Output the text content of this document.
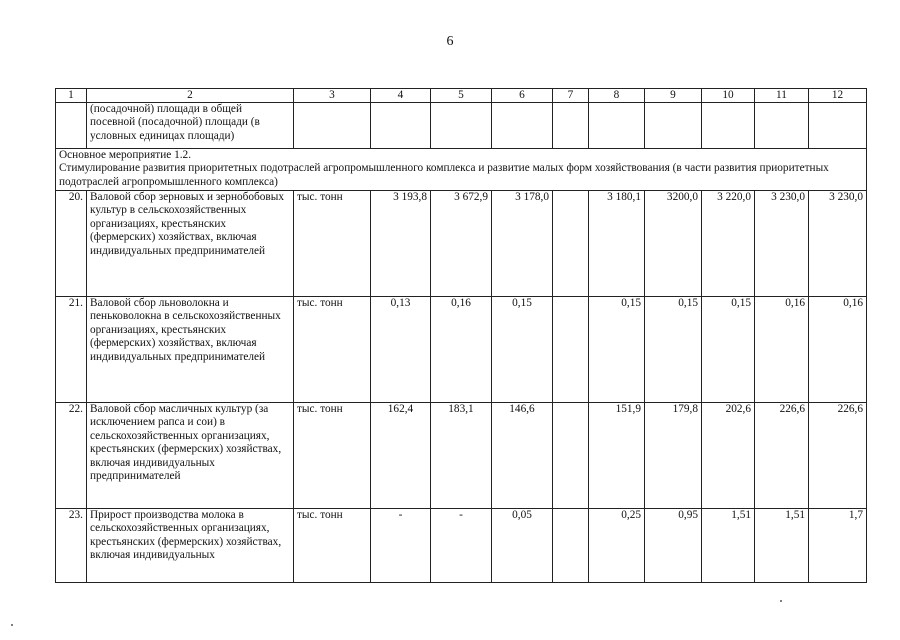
6
1	2	3	4	5	6	7	8	9	10	11	12
	(посадочной) площади в общей посевной (посадочной) площади (в условных единицах площади)										

Основное мероприятие 1.2.
Стимулирование развития приоритетных подотраслей агропромышленного комплекса и развитие малых форм хозяйствования (в части развития приоритетных подотраслей агропромышленного комплекса)											

20.	Валовой сбор зерновых и зернобобовых культур в сельскохозяйственных организациях, крестьянских (фермерских) хозяйствах, включая индивидуальных предпринимателей	тыс. тонн	3 193,8	3 672,9	3 178,0		3 180,1	3200,0	3 220,0	3 230,0	3 230,0
21.	Валовой сбор льноволокна и пеньковолокна в сельскохозяйственных организациях, крестьянских (фермерских) хозяйствах, включая индивидуальных предпринимателей	тыс. тонн	0,13	0,16	0,15		0,15	0,15	0,15	0,16	0,16
22.	Валовой сбор масличных культур (за исключением рапса и сои) в сельскохозяйственных организациях, крестьянских (фермерских) хозяйствах, включая индивидуальных предпринимателей	тыс. тонн	162,4	183,1	146,6		151,9	179,8	202,6	226,6	226,6
23.	Прирост производства молока в сельскохозяйственных организациях, крестьянских (фермерских) хозяйствах, включая индивидуальных	тыс. тонн	-	-	0,05		0,25	0,95	1,51	1,51	1,7
